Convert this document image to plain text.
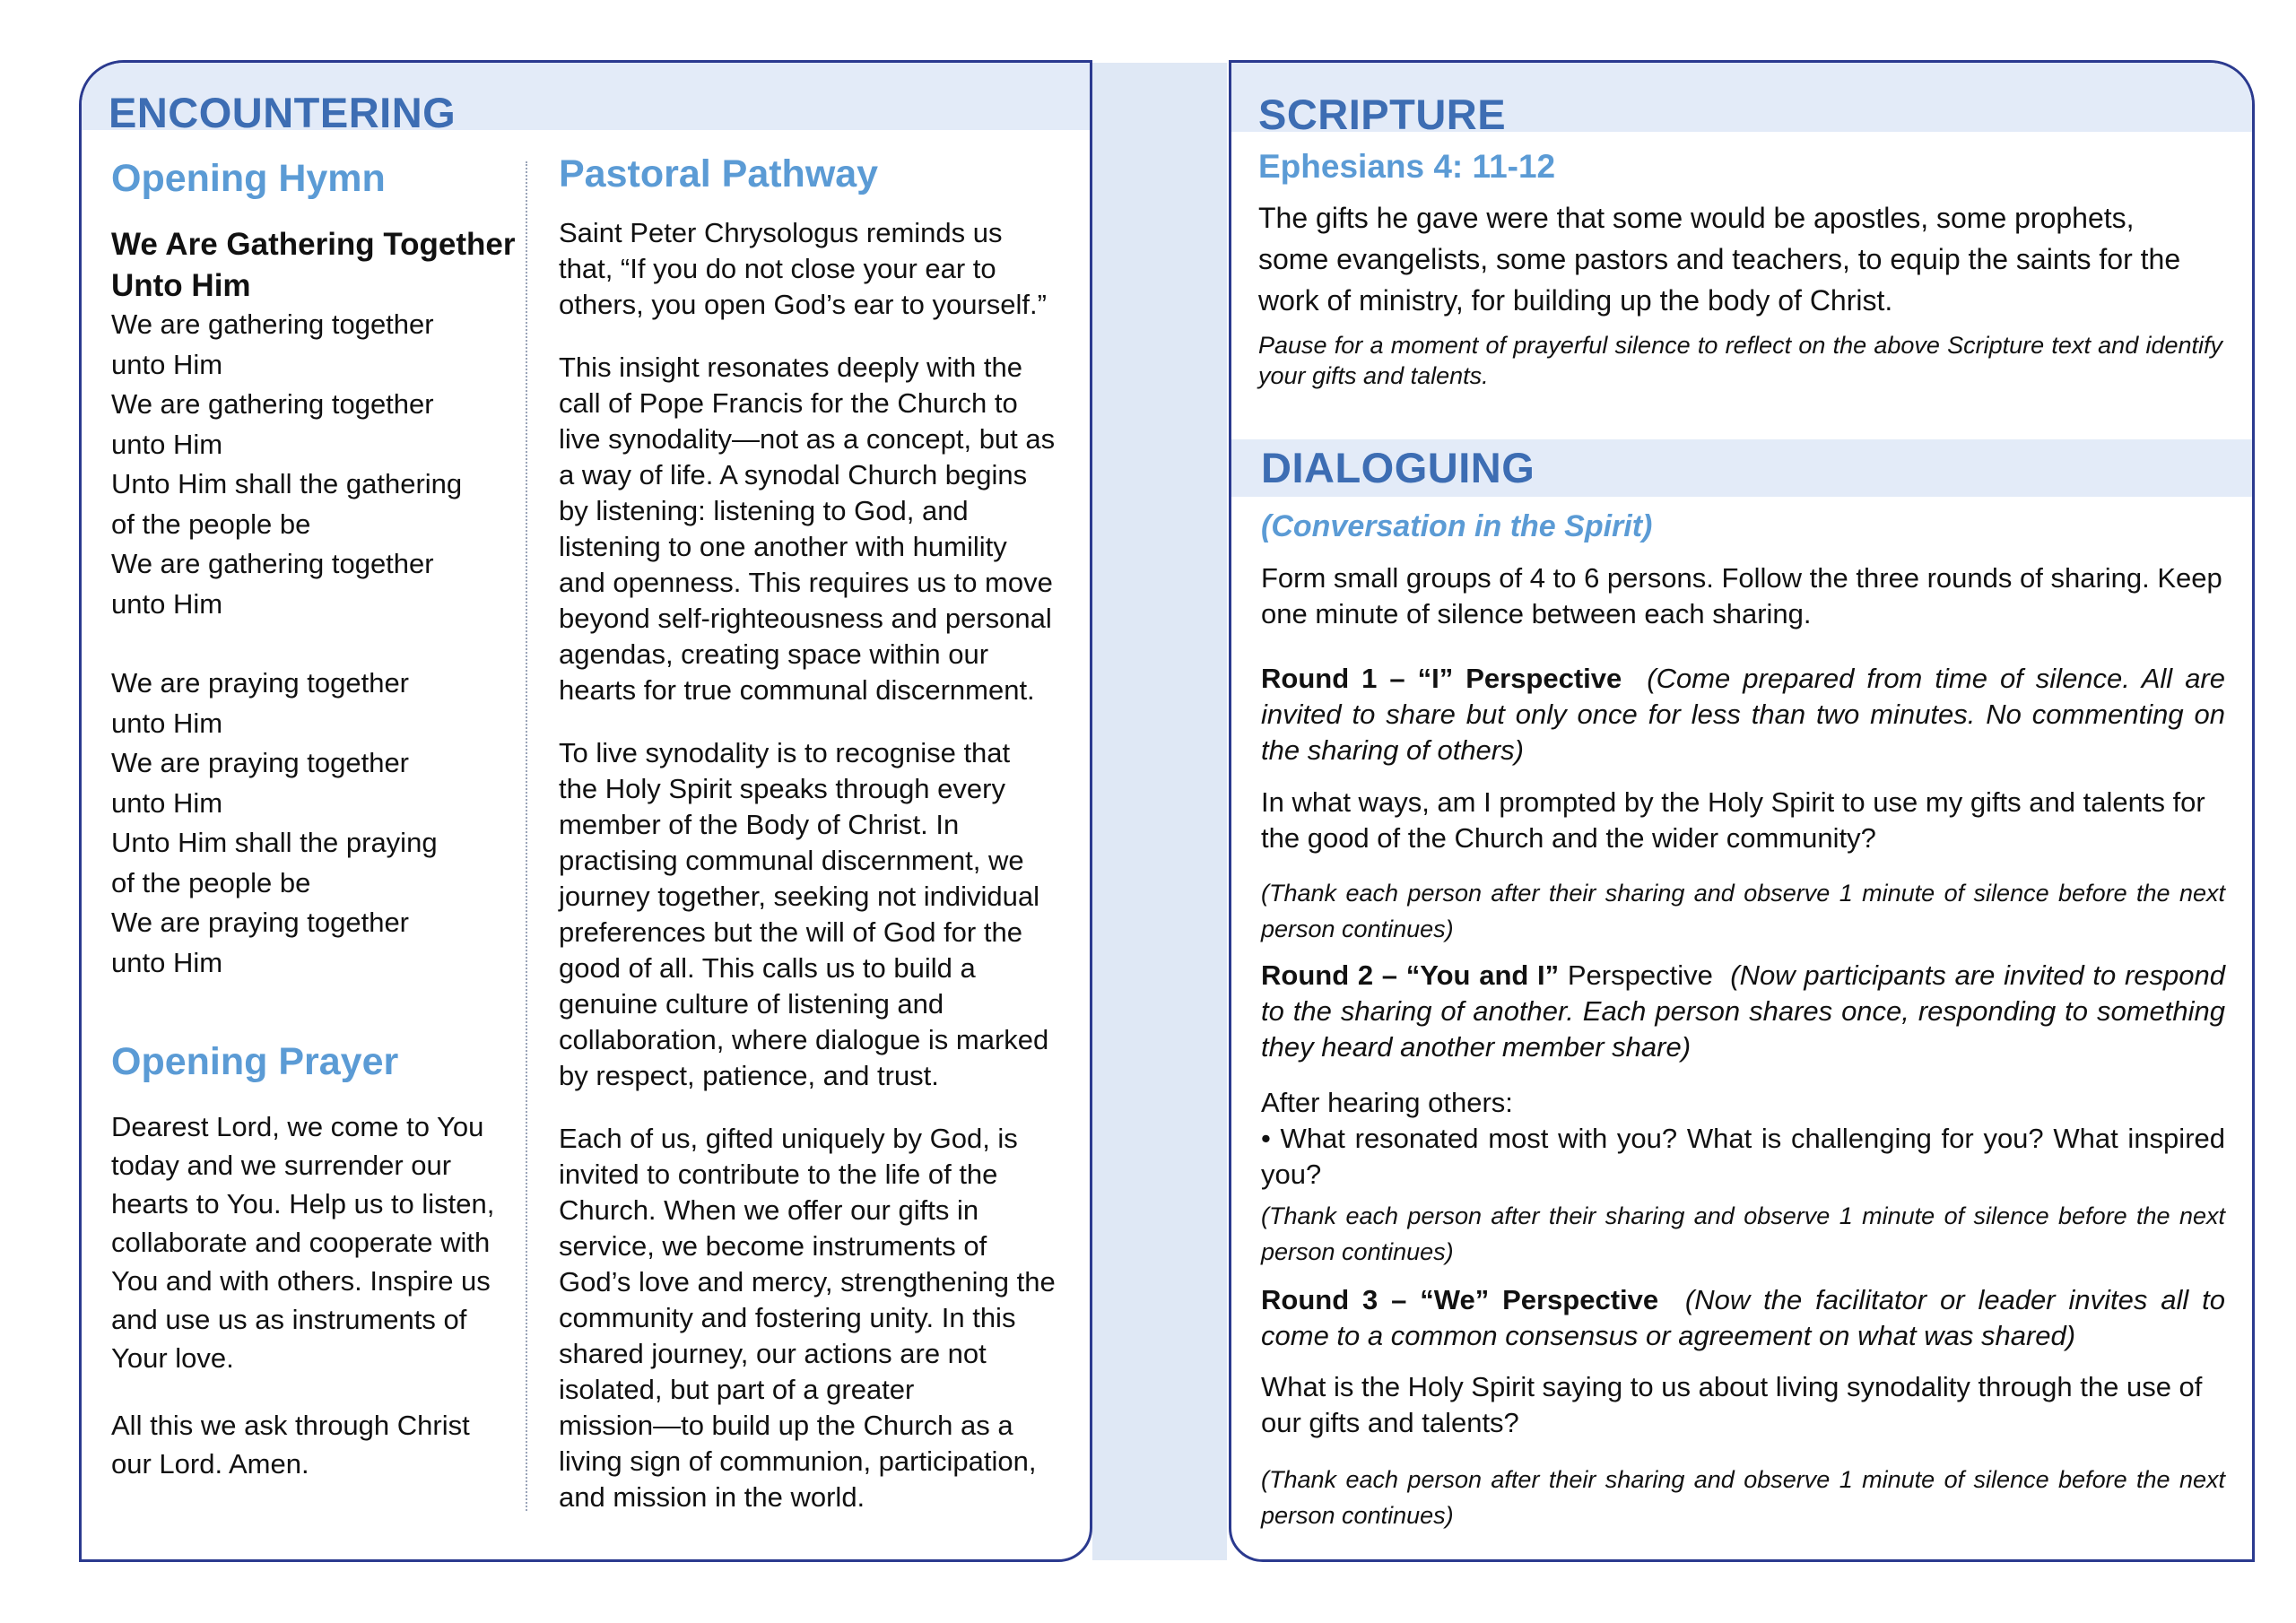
ENCOUNTERING
Opening Hymn
We Are Gathering Together Unto Him

We are gathering together

unto Him

We are gathering together

unto Him

Unto Him shall the gathering

of the people be

We are gathering together

unto Him

We are praying together

unto Him

We are praying together

unto Him

Unto Him shall the praying

of the people be

We are praying together

unto Him

Opening Prayer

Dearest Lord, we come to You

today and we surrender our

hearts to You. Help us to listen,

collaborate and cooperate with

You and with others. Inspire us

and use us as instruments of

Your love.

All this we ask through Christ

our Lord. Amen.

Pastoral Pathway

Saint Peter Chrysologus reminds us

that, “If you do not close your ear to

others, you open God’s ear to yourself.”

This insight resonates deeply with the

call of Pope Francis for the Church to

live synodality—not as a concept, but as

a way of life. A synodal Church begins

by listening: listening to God, and

listening to one another with humility

and openness. This requires us to move

beyond self-righteousness and personal

agendas, creating space within our

hearts for true communal discernment.

To live synodality is to recognise that

the Holy Spirit speaks through every

member of the Body of Christ. In

practising communal discernment, we

journey together, seeking not individual

preferences but the will of God for the

good of all. This calls us to build a

genuine culture of listening and

collaboration, where dialogue is marked

by respect, patience, and trust.

Each of us, gifted uniquely by God, is

invited to contribute to the life of the

Church. When we offer our gifts in

service, we become instruments of

God’s love and mercy, strengthening the

community and fostering unity. In this

shared journey, our actions are not

isolated, but part of a greater

mission—to build up the Church as a

living sign of communion, participation,

and mission in the world.

SCRIPTURE
Ephesians 4: 11-12
The gifts he gave were that some would be apostles, some prophets, some evangelists, some pastors and teachers, to equip the saints for the work of ministry, for building up the body of Christ.
Pause for a moment of prayerful silence to reflect on the above Scripture text and identify your gifts and talents.
DIALOGUING
(Conversation in the Spirit)
Form small groups of 4 to 6 persons. Follow the three rounds of sharing. Keep one minute of silence between each sharing.
Round 1 – “I” Perspective (Come prepared from time of silence. All are invited to share but only once for less than two minutes. No commenting on the sharing of others)
In what ways, am I prompted by the Holy Spirit to use my gifts and talents for the good of the Church and the wider community?
(Thank each person after their sharing and observe 1 minute of silence before the next person continues)
Round 2 – “You and I” Perspective (Now participants are invited to respond to the sharing of another. Each person shares once, responding to something they heard another member share)
After hearing others:
• What resonated most with you? What is challenging for you? What inspired you?
(Thank each person after their sharing and observe 1 minute of silence before the next person continues)
Round 3 – “We” Perspective (Now the facilitator or leader invites all to come to a common consensus or agreement on what was shared)
What is the Holy Spirit saying to us about living synodality through the use of our gifts and talents?
(Thank each person after their sharing and observe 1 minute of silence before the next person continues)
